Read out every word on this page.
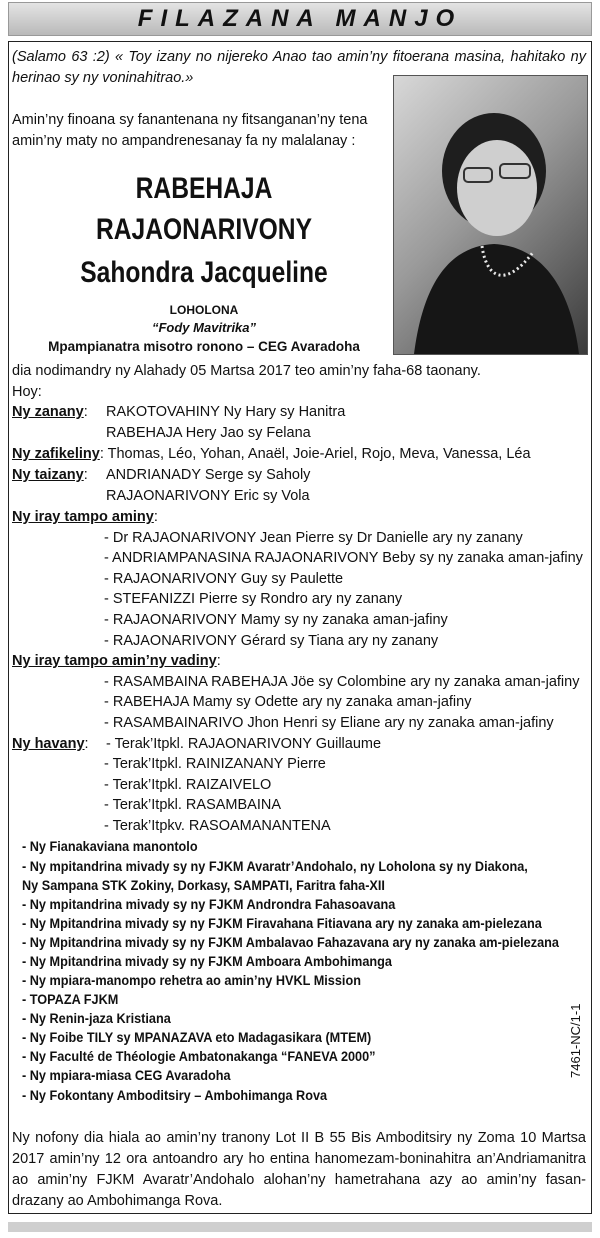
FILAZANA MANJO
(Salamo 63 :2) « Toy izany no nijereko Anao tao amin’ny fitoerana masina, hahitako ny herinao sy ny voninahitrao.»
Amin’ny finoana sy fanantenana ny fitsanganan’ny tena
amin’ny maty no ampandrenesanay fa ny malalanay :
RABEHAJA
RAJAONARIVONY
Sahondra Jacqueline
LOHOLONA
“Fody Mavitrika”
Mpampianatra misotro ronono – CEG Avaradoha
dia nodimandry ny Alahady 05 Martsa 2017 teo amin’ny faha-68 taonany.
Hoy:
Ny zanany: RAKOTOVAHINY Ny Hary sy Hanitra
RABEHAJA Hery Jao sy Felana
Ny zafikeliny: Thomas, Léo, Yohan, Anaël, Joie-Ariel, Rojo, Meva, Vanessa, Léa
Ny taizany: ANDRIANADY Serge sy Saholy
RAJAONARIVONY Eric sy Vola
Ny iray tampo aminy:
- Dr RAJAONARIVONY Jean Pierre sy Dr Danielle ary ny zanany
- ANDRIAMPANASINA RAJAONARIVONY Beby sy ny zanaka aman-jafiny
- RAJAONARIVONY Guy sy Paulette
- STEFANIZZI Pierre sy Rondro ary ny zanany
- RAJAONARIVONY Mamy sy ny zanaka aman-jafiny
- RAJAONARIVONY Gérard sy Tiana ary ny zanany
Ny iray tampo amin’ny vadiny:
- RASAMBAINA RABEHAJA Jöe sy Colombine ary ny zanaka aman-jafiny
- RABEHAJA Mamy sy Odette ary ny zanaka aman-jafiny
- RASAMBAINARIVO Jhon Henri sy Eliane ary ny zanaka aman-jafiny
Ny havany: - Terak’Itpkl. RAJAONARIVONY Guillaume
- Terak’Itpkl. RAINIZANANY Pierre
- Terak’Itpkl. RAIZAIVELO
- Terak’Itpkl. RASAMBAINA
- Terak’Itpkv. RASOAMANANTENA
- Ny Fianakaviana manontolo
- Ny mpitandrina mivady sy ny FJKM Avaratr’Andohalo, ny Loholona sy ny Diakona,
Ny Sampana STK Zokiny, Dorkasy, SAMPATI, Faritra faha-XII
- Ny mpitandrina mivady sy ny FJKM Androndra Fahasoavana
- Ny Mpitandrina mivady sy ny FJKM Firavahana Fitiavana ary ny zanaka am-pielezana
- Ny Mpitandrina mivady sy ny FJKM Ambalavao Fahazavana ary ny zanaka am-pielezana
- Ny Mpitandrina mivady sy ny FJKM Amboara Ambohimanga
- Ny mpiara-manompo rehetra ao amin’ny HVKL Mission
- TOPAZA FJKM
- Ny Renin-jaza Kristiana
- Ny Foibe TILY sy MPANAZAVA eto Madagasikara (MTEM)
- Ny Faculté de Théologie Ambatonakanga “FANEVA 2000”
- Ny mpiara-miasa CEG Avaradoha
- Ny Fokontany Amboditsiry – Ambohimanga Rova
7461-NC/1-1
Ny nofony dia hiala ao amin’ny tranony Lot II B 55 Bis Amboditsiry ny Zoma 10 Martsa 2017 amin’ny 12 ora antoandro ary ho entina hanomezam-boninahitra an’Andriamanitra ao amin’ny FJKM Avaratr’Andohalo alohan’ny hametrahana azy ao amin’ny fasan-drazany ao Ambohimanga Rova.
